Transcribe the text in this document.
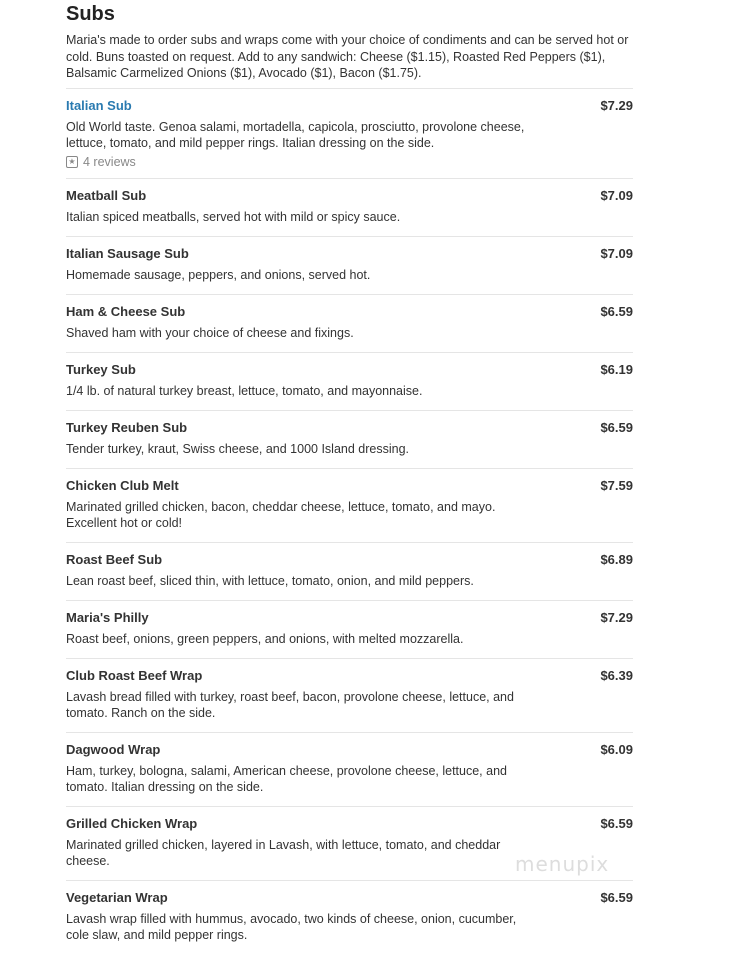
Subs
Maria's made to order subs and wraps come with your choice of condiments and can be served hot or cold. Buns toasted on request. Add to any sandwich: Cheese ($1.15), Roasted Red Peppers ($1), Balsamic Carmelized Onions ($1), Avocado ($1), Bacon ($1.75).
Italian Sub	$7.29
Old World taste. Genoa salami, mortadella, capicola, prosciutto, provolone cheese, lettuce, tomato, and mild pepper rings. Italian dressing on the side.
★ 4 reviews
Meatball Sub	$7.09
Italian spiced meatballs, served hot with mild or spicy sauce.
Italian Sausage Sub	$7.09
Homemade sausage, peppers, and onions, served hot.
Ham & Cheese Sub	$6.59
Shaved ham with your choice of cheese and fixings.
Turkey Sub	$6.19
1/4 lb. of natural turkey breast, lettuce, tomato, and mayonnaise.
Turkey Reuben Sub	$6.59
Tender turkey, kraut, Swiss cheese, and 1000 Island dressing.
Chicken Club Melt	$7.59
Marinated grilled chicken, bacon, cheddar cheese, lettuce, tomato, and mayo. Excellent hot or cold!
Roast Beef Sub	$6.89
Lean roast beef, sliced thin, with lettuce, tomato, onion, and mild peppers.
Maria's Philly	$7.29
Roast beef, onions, green peppers, and onions, with melted mozzarella.
Club Roast Beef Wrap	$6.39
Lavash bread filled with turkey, roast beef, bacon, provolone cheese, lettuce, and tomato. Ranch on the side.
Dagwood Wrap	$6.09
Ham, turkey, bologna, salami, American cheese, provolone cheese, lettuce, and tomato. Italian dressing on the side.
Grilled Chicken Wrap	$6.59
Marinated grilled chicken, layered in Lavash, with lettuce, tomato, and cheddar cheese.
Vegetarian Wrap	$6.59
Lavash wrap filled with hummus, avocado, two kinds of cheese, onion, cucumber, cole slaw, and mild pepper rings.
menupix
